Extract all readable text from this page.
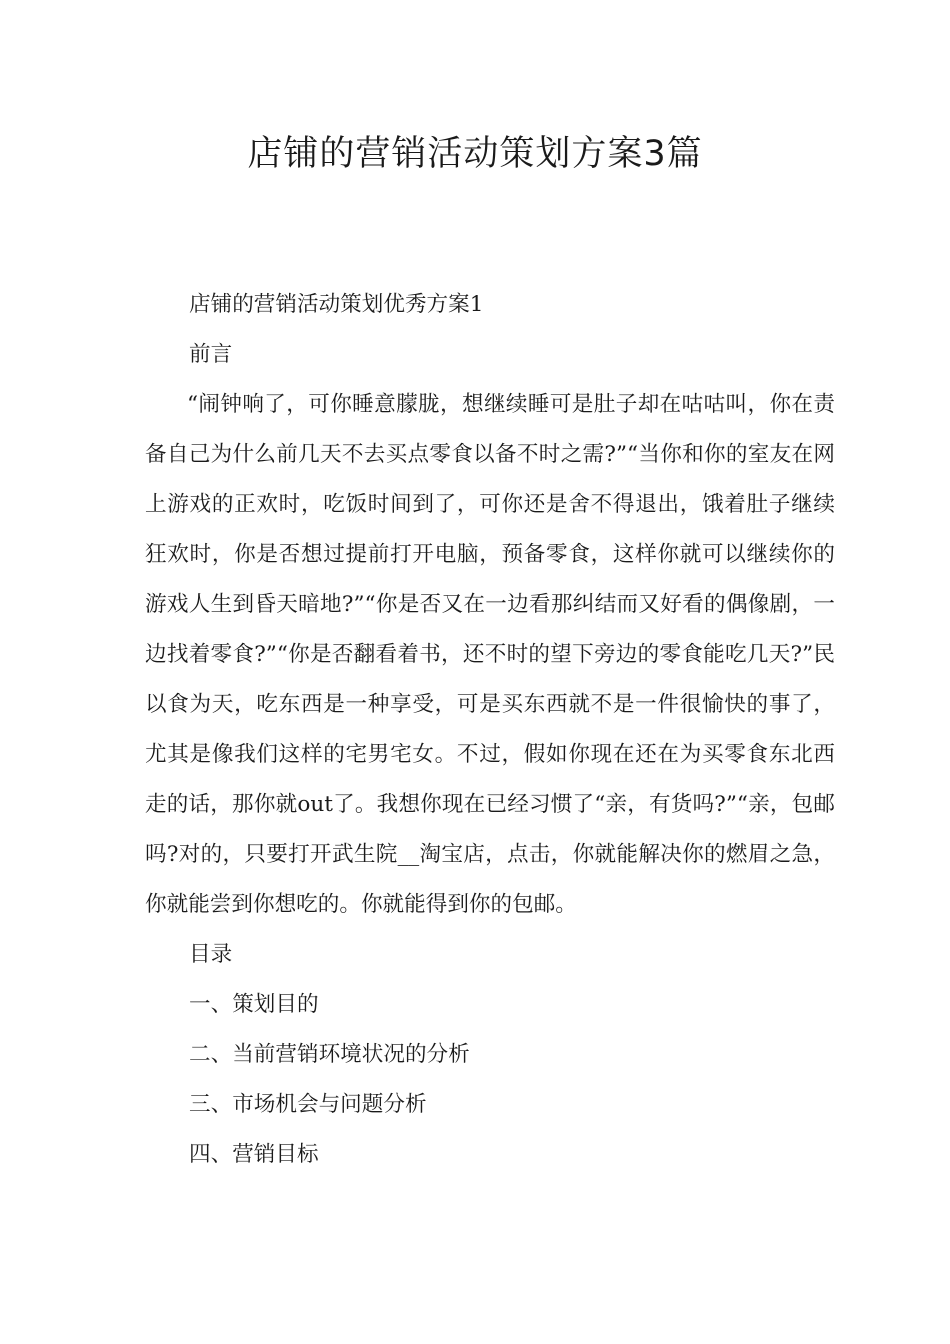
店铺的营销活动策划方案3篇

店铺的营销活动策划优秀方案1

前言

“闹钟响了，可你睡意朦胧，想继续睡可是肚子却在咕咕叫，你在责备自己为什么前几天不去买点零食以备不时之需?”“当你和你的室友在网上游戏的正欢时，吃饭时间到了，可你还是舍不得退出，饿着肚子继续狂欢时，你是否想过提前打开电脑，预备零食，这样你就可以继续你的游戏人生到昏天暗地?”“你是否又在一边看那纠结而又好看的偶像剧，一边找着零食?”“你是否翻看着书，还不时的望下旁边的零食能吃几天?”民以食为天，吃东西是一种享受，可是买东西就不是一件很愉快的事了，尤其是像我们这样的宅男宅女。不过，假如你现在还在为买零食东北西走的话，那你就out了。我想你现在已经习惯了“亲，有货吗?”“亲，包邮吗?对的，只要打开武生院__淘宝店，点击，你就能解决你的燃眉之急，你就能尝到你想吃的。你就能得到你的包邮。

目录

一、策划目的
二、当前营销环境状况的分析
三、市场机会与问题分析
四、营销目标
